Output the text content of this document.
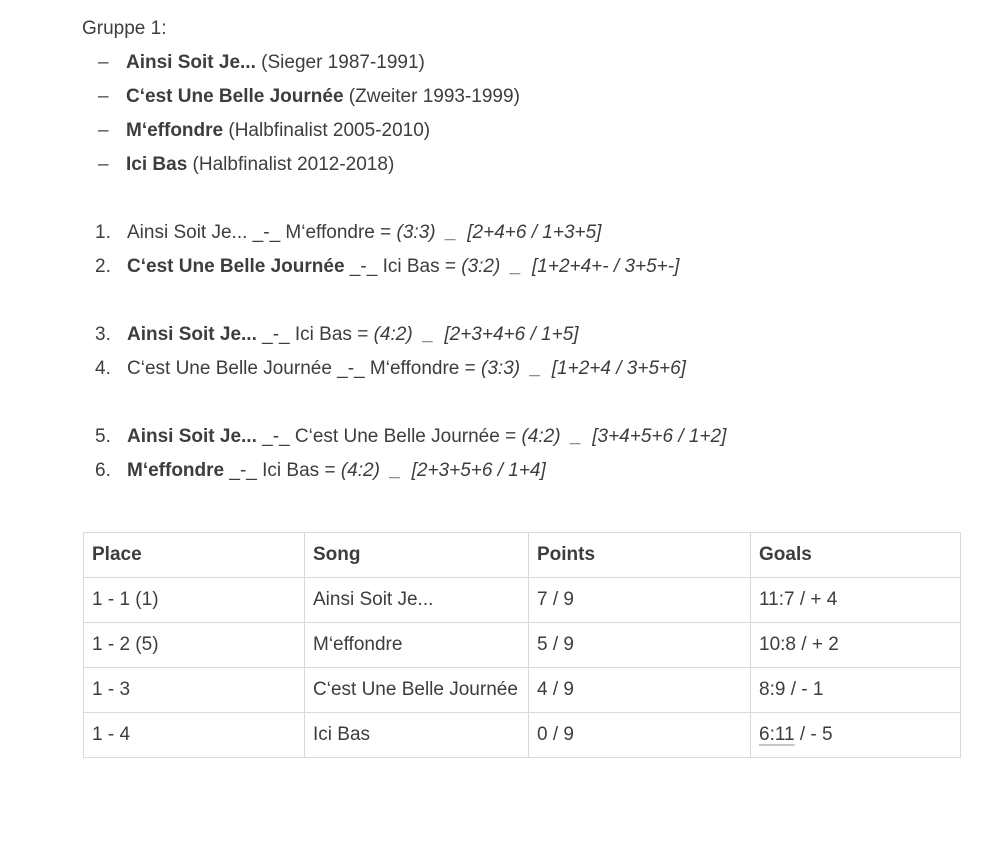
Gruppe 1:
– Ainsi Soit Je... (Sieger 1987-1991)
– C‘est Une Belle Journée (Zweiter 1993-1999)
– M‘effondre (Halbfinalist 2005-2010)
– Ici Bas (Halbfinalist 2012-2018)
1. Ainsi Soit Je... _-_ M‘effondre = (3:3)  _  [2+4+6 / 1+3+5]
2. C‘est Une Belle Journée _-_ Ici Bas = (3:2)  _  [1+2+4+- / 3+5+-]
3. Ainsi Soit Je... _-_ Ici Bas = (4:2)  _  [2+3+4+6 / 1+5]
4. C‘est Une Belle Journée _-_ M‘effondre = (3:3)  _  [1+2+4 / 3+5+6]
5. Ainsi Soit Je... _-_ C‘est Une Belle Journée = (4:2)  _  [3+4+5+6 / 1+2]
6. M‘effondre _-_ Ici Bas = (4:2)  _  [2+3+5+6 / 1+4]
Place	Song	Points	Goals
1 - 1 (1)	Ainsi Soit Je...	7 / 9	11:7 / + 4
1 - 2 (5)	M‘effondre	5 / 9	10:8 / + 2
1 - 3	C‘est Une Belle Journée	4 / 9	8:9 / - 1
1 - 4	Ici Bas	0 / 9	6:11 / - 5
